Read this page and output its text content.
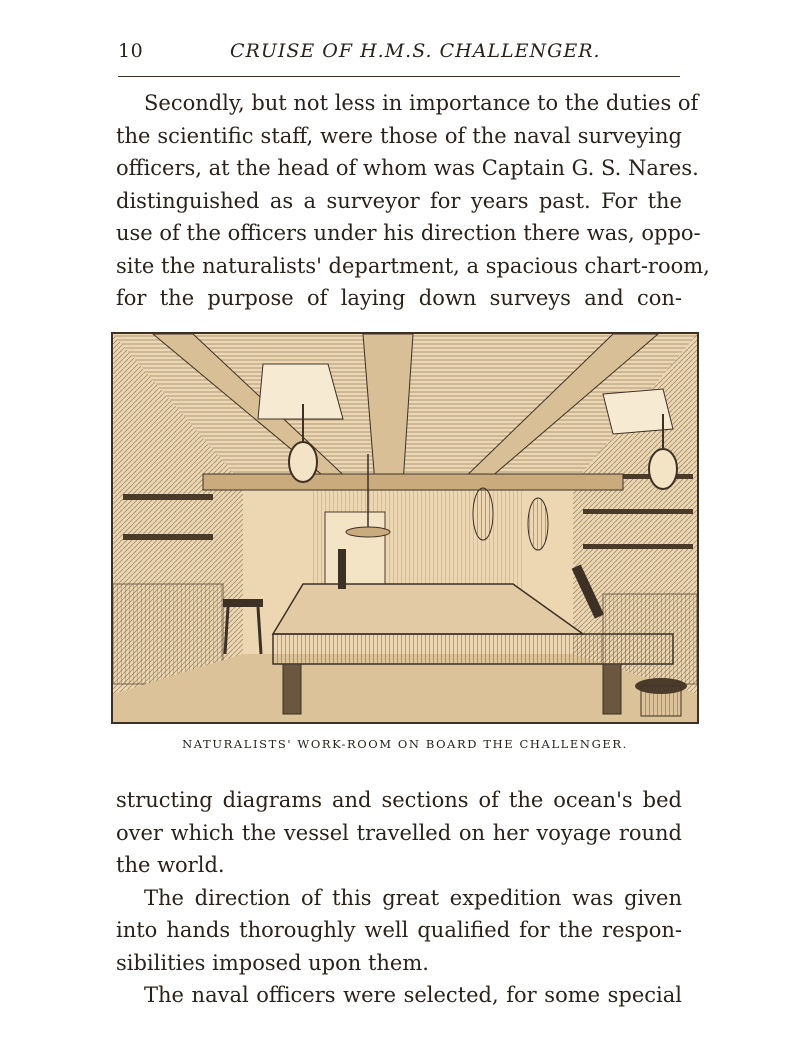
10	CRUISE OF H.M.S. CHALLENGER.
Secondly, but not less in importance to the duties of
the scientific staff, were those of the naval surveying
officers, at the head of whom was Captain G. S. Nares.
distinguished as a surveyor for years past. For the
use of the officers under his direction there was, oppo-
site the naturalists' department, a spacious chart-room,
for the purpose of laying down surveys and con-
NATURALISTS' WORK-ROOM ON BOARD THE CHALLENGER.
structing diagrams and sections of the ocean's bed
over which the vessel travelled on her voyage round
the world.
The direction of this great expedition was given
into hands thoroughly well qualified for the respon-
sibilities imposed upon them.
The naval officers were selected, for some special
